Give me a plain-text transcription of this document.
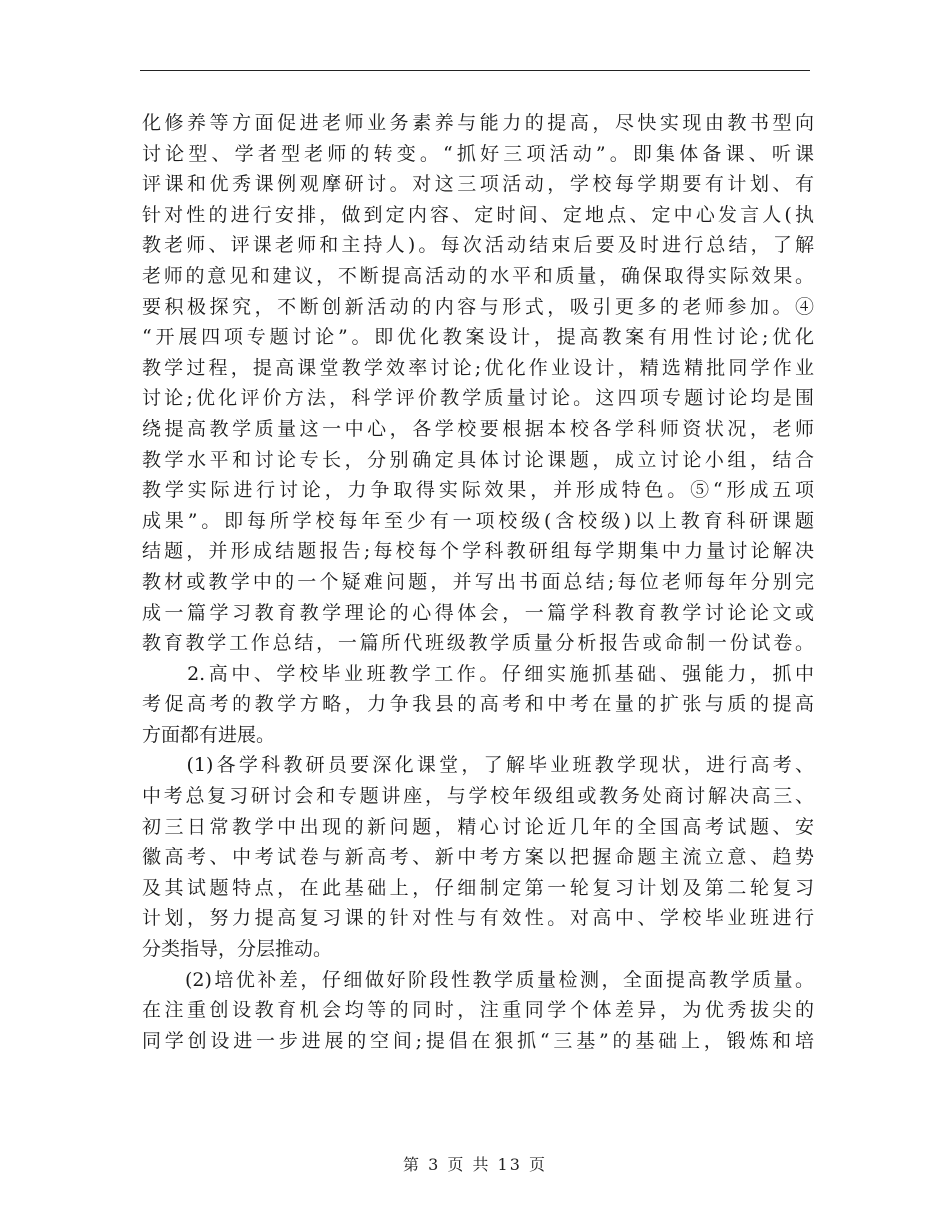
化修养等方面促进老师业务素养与能力的提高，尽快实现由教书型向
讨论型、学者型老师的转变。“抓好三项活动”。即集体备课、听课
评课和优秀课例观摩研讨。对这三项活动，学校每学期要有计划、有
针对性的进行安排，做到定内容、定时间、定地点、定中心发言人(执
教老师、评课老师和主持人)。每次活动结束后要及时进行总结，了解
老师的意见和建议，不断提高活动的水平和质量，确保取得实际效果。
要积极探究，不断创新活动的内容与形式，吸引更多的老师参加。④
“开展四项专题讨论”。即优化教案设计，提高教案有用性讨论;优化
教学过程，提高课堂教学效率讨论;优化作业设计，精选精批同学作业
讨论;优化评价方法，科学评价教学质量讨论。这四项专题讨论均是围
绕提高教学质量这一中心，各学校要根据本校各学科师资状况，老师
教学水平和讨论专长，分别确定具体讨论课题，成立讨论小组，结合
教学实际进行讨论，力争取得实际效果，并形成特色。⑤“形成五项
成果”。即每所学校每年至少有一项校级(含校级)以上教育科研课题
结题，并形成结题报告;每校每个学科教研组每学期集中力量讨论解决
教材或教学中的一个疑难问题，并写出书面总结;每位老师每年分别完
成一篇学习教育教学理论的心得体会，一篇学科教育教学讨论论文或
教育教学工作总结，一篇所代班级教学质量分析报告或命制一份试卷。
　　2.高中、学校毕业班教学工作。仔细实施抓基础、强能力，抓中
考促高考的教学方略，力争我县的高考和中考在量的扩张与质的提高
方面都有进展。
　　(1)各学科教研员要深化课堂，了解毕业班教学现状，进行高考、
中考总复习研讨会和专题讲座，与学校年级组或教务处商讨解决高三、
初三日常教学中出现的新问题，精心讨论近几年的全国高考试题、安
徽高考、中考试卷与新高考、新中考方案以把握命题主流立意、趋势
及其试题特点，在此基础上，仔细制定第一轮复习计划及第二轮复习
计划，努力提高复习课的针对性与有效性。对高中、学校毕业班进行
分类指导，分层推动。
　　(2)培优补差，仔细做好阶段性教学质量检测，全面提高教学质量。
在注重创设教育机会均等的同时，注重同学个体差异，为优秀拔尖的
同学创设进一步进展的空间;提倡在狠抓“三基”的基础上，锻炼和培
第 3 页 共 13 页
